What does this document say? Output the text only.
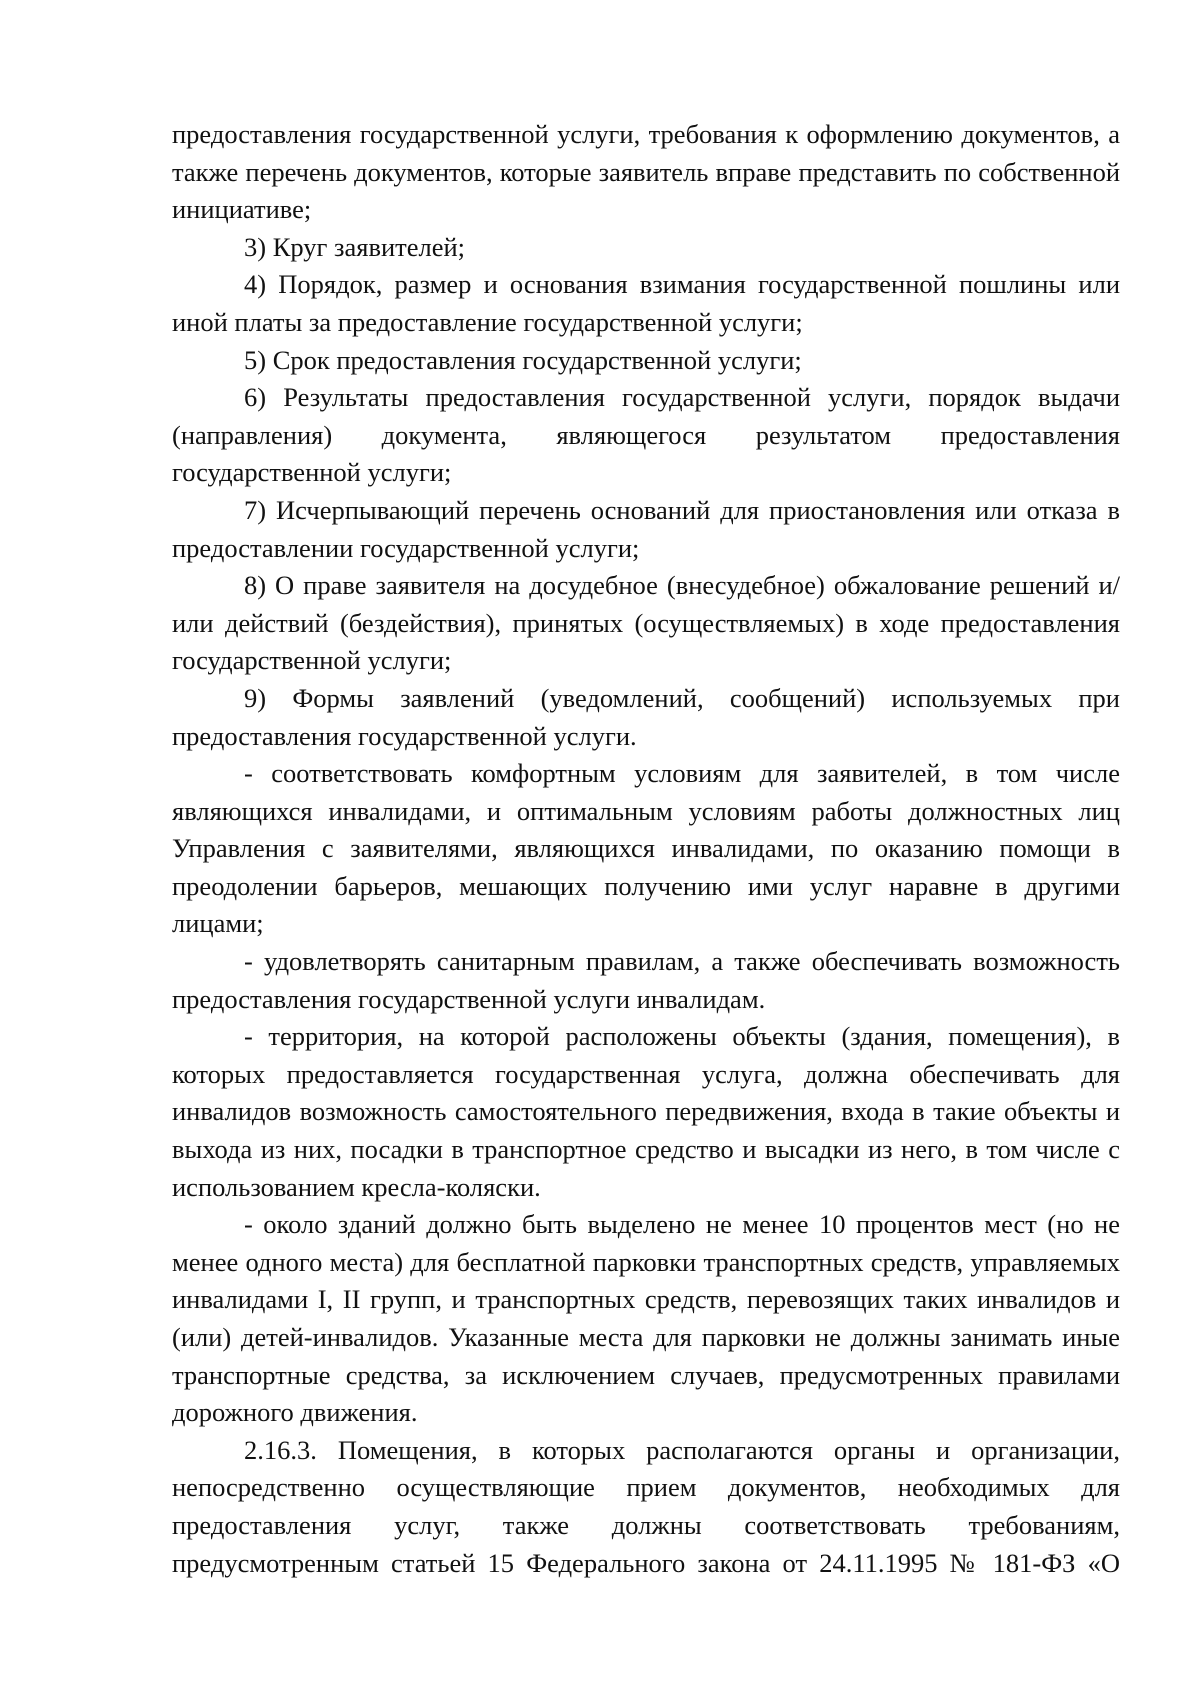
предоставления государственной услуги, требования к оформлению документов, а также перечень документов, которые заявитель вправе представить по собственной инициативе;

3) Круг заявителей;

4) Порядок, размер и основания взимания государственной пошлины или иной платы за предоставление государственной услуги;

5) Срок предоставления государственной услуги;

6) Результаты предоставления государственной услуги, порядок выдачи (направления) документа, являющегося результатом предоставления государственной услуги;

7) Исчерпывающий перечень оснований для приостановления или отказа в предоставлении государственной услуги;

8) О праве заявителя на досудебное (внесудебное) обжалование решений и/или действий (бездействия), принятых (осуществляемых) в ходе предоставления государственной услуги;

9) Формы заявлений (уведомлений, сообщений) используемых при предоставления государственной услуги.

- соответствовать комфортным условиям для заявителей, в том числе являющихся инвалидами, и оптимальным условиям работы должностных лиц Управления с заявителями, являющихся инвалидами, по оказанию помощи в преодолении барьеров, мешающих получению ими услуг наравне в другими лицами;

- удовлетворять санитарным правилам, а также обеспечивать возможность предоставления государственной услуги инвалидам.

- территория, на которой расположены объекты (здания, помещения), в которых предоставляется государственная услуга, должна обеспечивать для инвалидов возможность самостоятельного передвижения, входа в такие объекты и выхода из них, посадки в транспортное средство и высадки из него, в том числе с использованием кресла-коляски.

- около зданий должно быть выделено не менее 10 процентов мест (но не менее одного места) для бесплатной парковки транспортных средств, управляемых инвалидами I, II групп, и транспортных средств, перевозящих таких инвалидов и (или) детей-инвалидов. Указанные места для парковки не должны занимать иные транспортные средства, за исключением случаев, предусмотренных правилами дорожного движения.

2.16.3. Помещения, в которых располагаются органы и организации, непосредственно осуществляющие прием документов, необходимых для предоставления услуг, также должны соответствовать требованиям, предусмотренным статьей 15 Федерального закона от 24.11.1995 № 181-ФЗ «О
